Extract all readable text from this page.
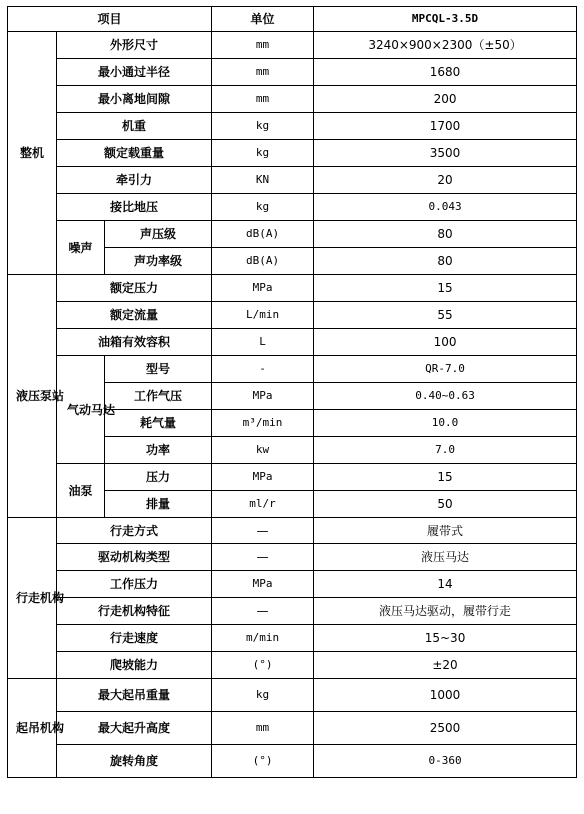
项目			单位	MPCQL-3.5D
整机	外形尺寸		mm	3240×900×2300（±50）
	最小通过半径		mm	1680
	最小离地间隙		mm	200
	机重		kg	1700
	额定载重量		kg	3500
	牵引力		KN	20
	接比地压		kg	0.043
	噪声	声压级	dB(A)	80
		声功率级	dB(A)	80
液压泵站	额定压力		MPa	15
	额定流量		L/min	55
	油箱有效容积		L	100
	气动马达	型号	-	QR-7.0
		工作气压	MPa	0.40~0.63
		耗气量	m³/min	10.0
		功率	kw	7.0
	油泵	压力	MPa	15
		排量	ml/r	50
行走机构	行走方式		—	履带式
	驱动机构类型		—	液压马达
	工作压力		MPa	14
	行走机构特征		—	液压马达驱动，履带行走
	行走速度		m/min	15~30
	爬坡能力		(°)	±20
起吊机构	最大起吊重量		kg	1000
	最大起升高度		mm	2500
	旋转角度		(°)	0-360
